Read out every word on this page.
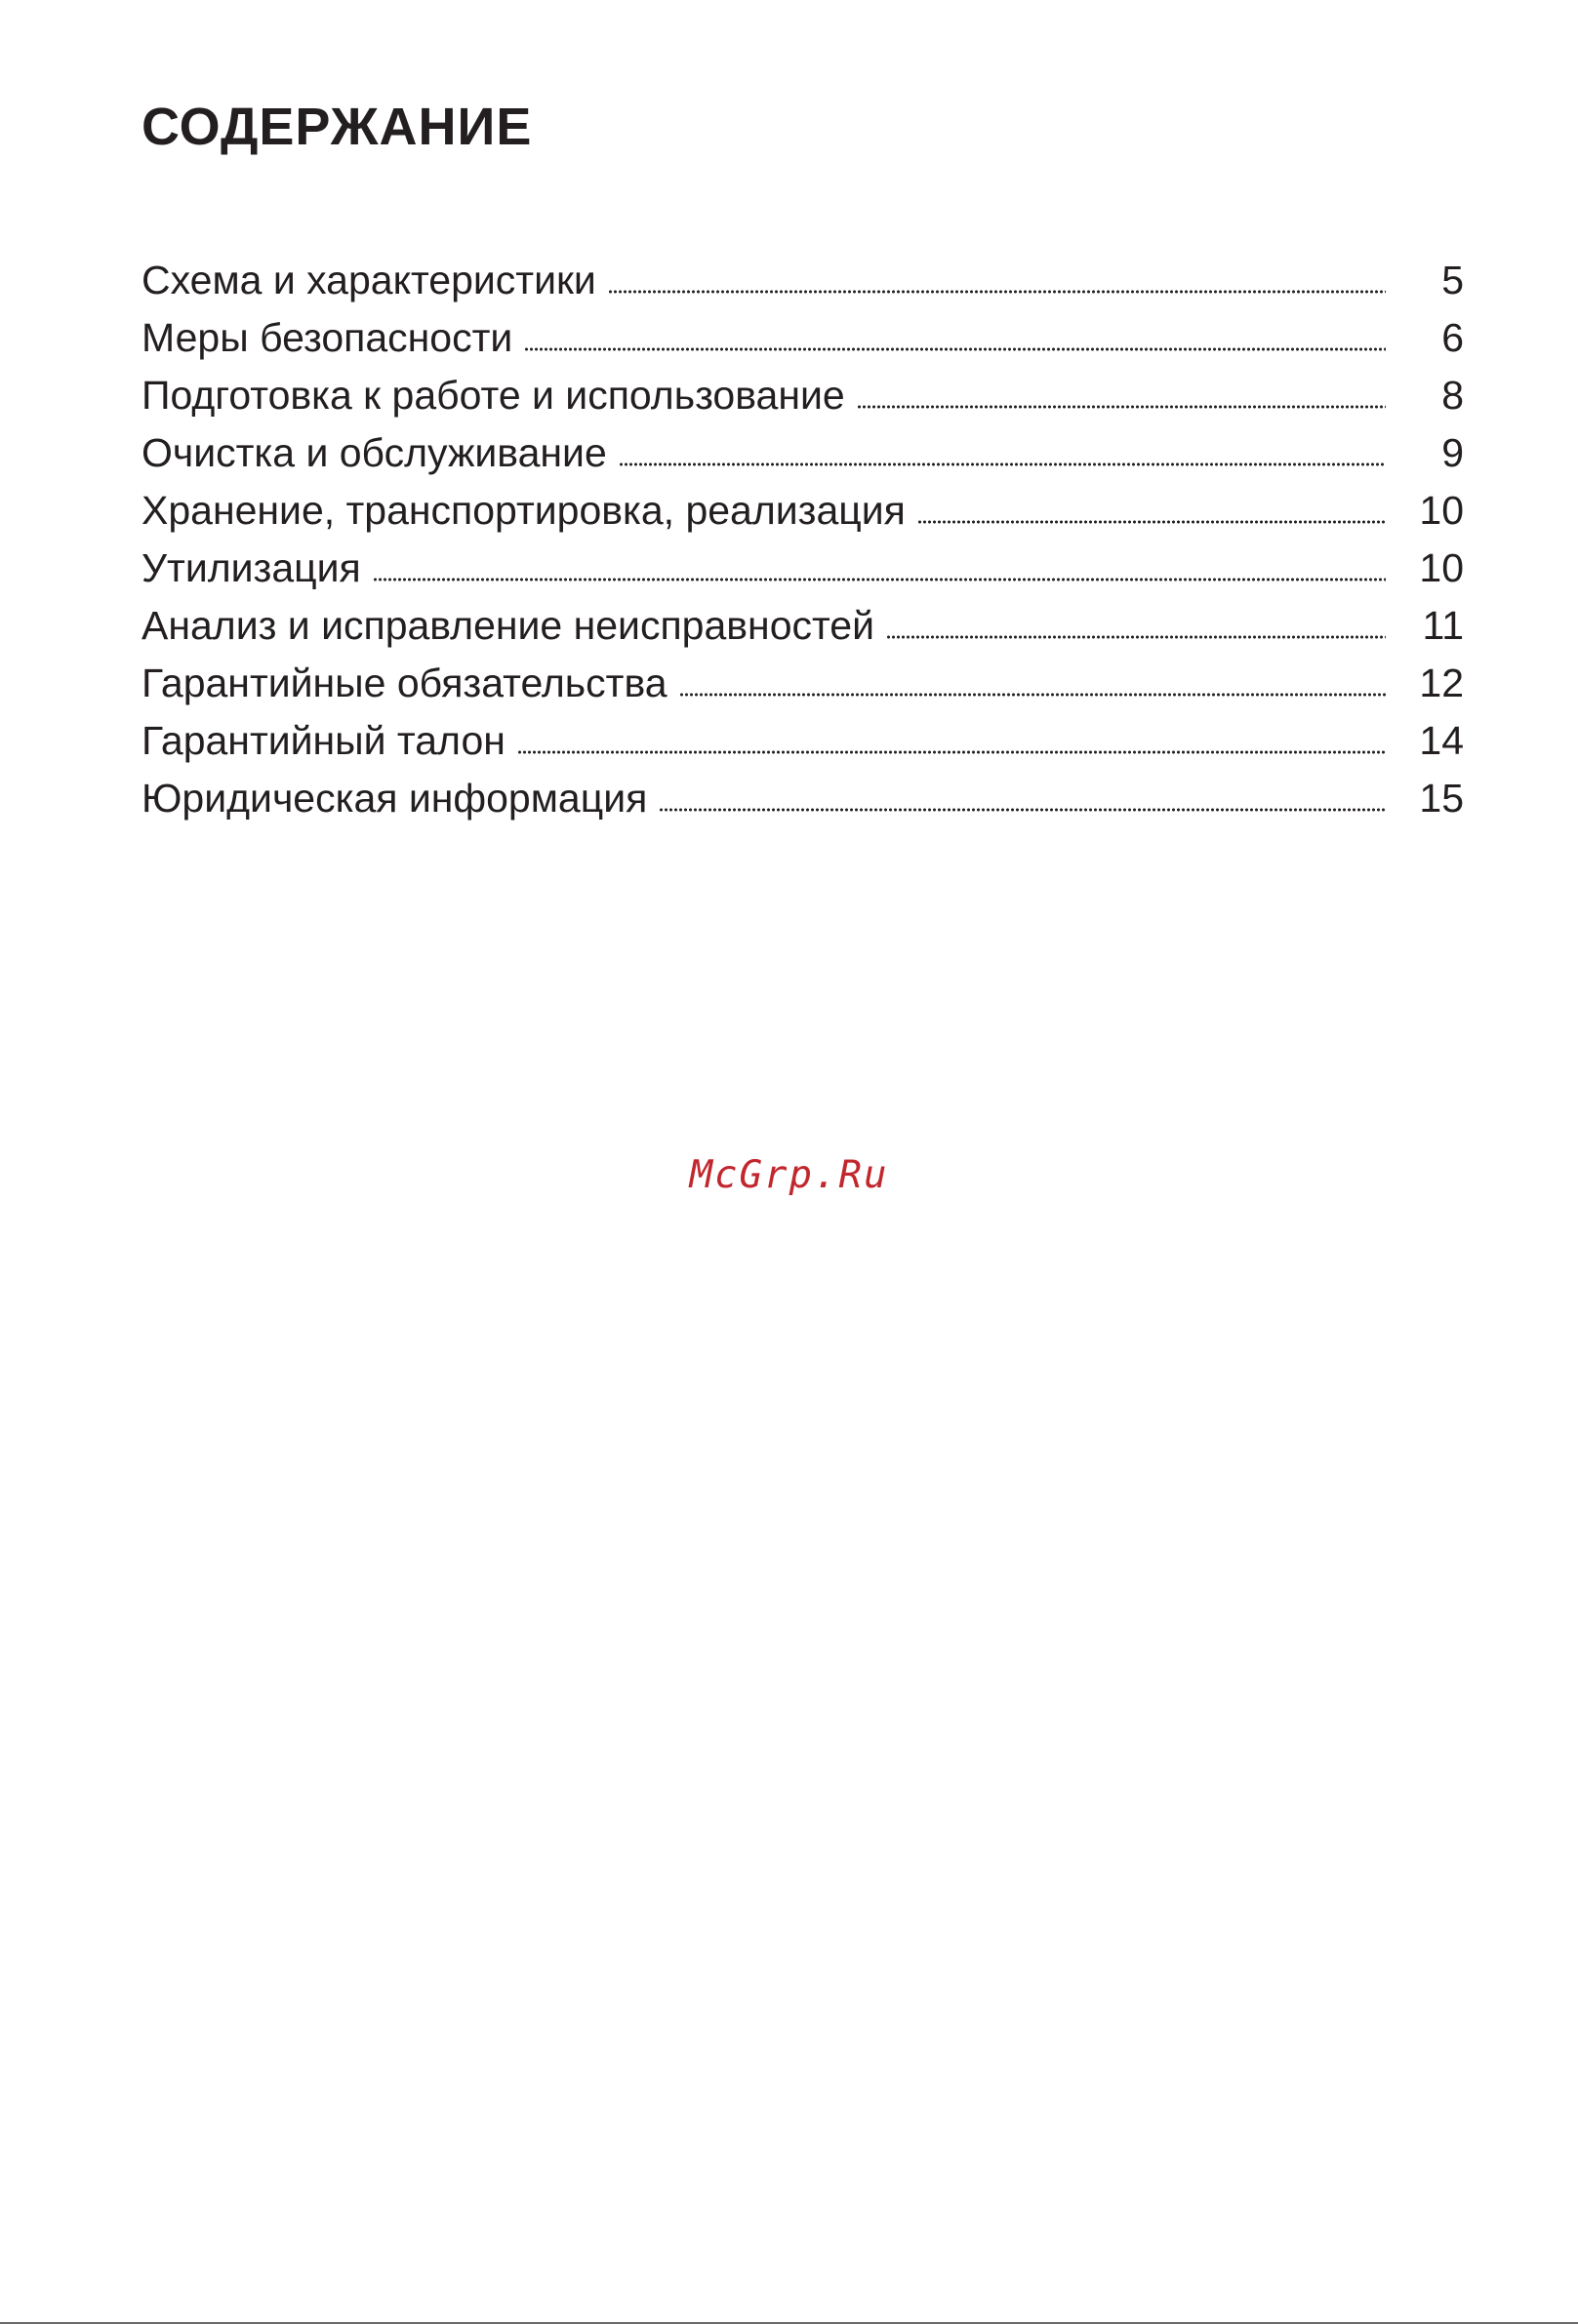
СОДЕРЖАНИЕ
Схема и характеристики	5
Меры безопасности	6
Подготовка к работе и использование	8
Очистка и обслуживание	9
Хранение, транспортировка, реализация	10
Утилизация	10
Анализ и исправление неисправностей	11
Гарантийные обязательства	12
Гарантийный талон	14
Юридическая информация	15
McGrp.Ru
